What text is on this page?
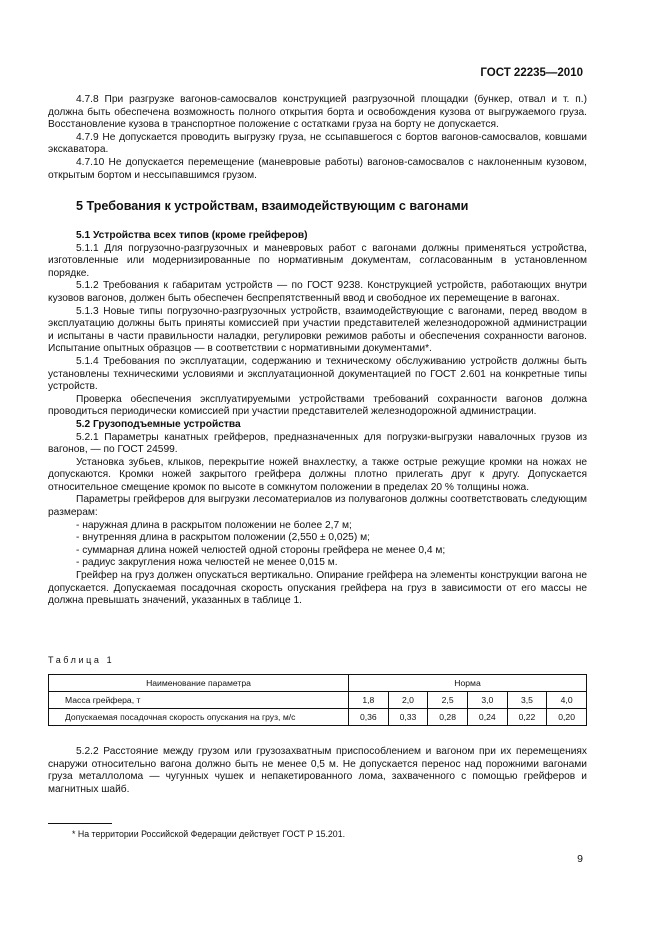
ГОСТ 22235—2010

4.7.8 При разгрузке вагонов-самосвалов конструкцией разгрузочной площадки (бункер, отвал и т. п.) должна быть обеспечена возможность полного открытия борта и освобождения кузова от выгружаемого груза. Восстановление кузова в транспортное положение с остатками груза на борту не допускается.

4.7.9 Не допускается проводить выгрузку груза, не ссыпавшегося с бортов вагонов-самосвалов, ковшами экскаватора.

4.7.10 Не допускается перемещение (маневровые работы) вагонов-самосвалов с наклоненным кузовом, открытым бортом и нессыпавшимся грузом.

5 Требования к устройствам, взаимодействующим с вагонами

5.1 Устройства всех типов (кроме грейферов)

5.1.1 Для погрузочно-разгрузочных и маневровых работ с вагонами должны применяться устройства, изготовленные или модернизированные по нормативным документам, согласованным в установленном порядке.

5.1.2 Требования к габаритам устройств — по ГОСТ 9238. Конструкцией устройств, работающих внутри кузовов вагонов, должен быть обеспечен беспрепятственный ввод и свободное их перемещение в вагонах.

5.1.3 Новые типы погрузочно-разгрузочных устройств, взаимодействующие с вагонами, перед вводом в эксплуатацию должны быть приняты комиссией при участии представителей железнодорожной администрации и испытаны в части правильности наладки, регулировки режимов работы и обеспечения сохранности вагонов. Испытание опытных образцов — в соответствии с нормативными документами*.

5.1.4 Требования по эксплуатации, содержанию и техническому обслуживанию устройств должны быть установлены техническими условиями и эксплуатационной документацией по ГОСТ 2.601 на конкретные типы устройств.

Проверка обеспечения эксплуатируемыми устройствами требований сохранности вагонов должна проводиться периодически комиссией при участии представителей железнодорожной администрации.

5.2 Грузоподъемные устройства

5.2.1 Параметры канатных грейферов, предназначенных для погрузки-выгрузки навалочных грузов из вагонов, — по ГОСТ 24599.

Установка зубьев, клыков, перекрытие ножей внахлестку, а также острые режущие кромки на ножах не допускаются. Кромки ножей закрытого грейфера должны плотно прилегать друг к другу. Допускается относительное смещение кромок по высоте в сомкнутом положении в пределах 20 % толщины ножа.

Параметры грейферов для выгрузки лесоматериалов из полувагонов должны соответствовать следующим размерам:

- наружная длина в раскрытом положении не более 2,7 м;

- внутренняя длина в раскрытом положении (2,550 ± 0,025) м;

- суммарная длина ножей челюстей одной стороны грейфера не менее 0,4 м;

- радиус закругления ножа челюстей не менее 0,015 м.

Грейфер на груз должен опускаться вертикально. Опирание грейфера на элементы конструкции вагона не допускается. Допускаемая посадочная скорость опускания грейфера на груз в зависимости от его массы не должна превышать значений, указанных в таблице 1.

Таблица 1

Наименование параметра	Норма					
Масса грейфера, т	1,8	2,0	2,5	3,0	3,5	4,0
Допускаемая посадочная скорость опускания на груз, м/с	0,36	0,33	0,28	0,24	0,22	0,20

5.2.2 Расстояние между грузом или грузозахватным приспособлением и вагоном при их перемещениях снаружи относительно вагона должно быть не менее 0,5 м. Не допускается перенос над порожними вагонами груза металлолома — чугунных чушек и непакетированного лома, захваченного с помощью грейферов и магнитных шайб.

* На территории Российской Федерации действует ГОСТ Р 15.201.
9
